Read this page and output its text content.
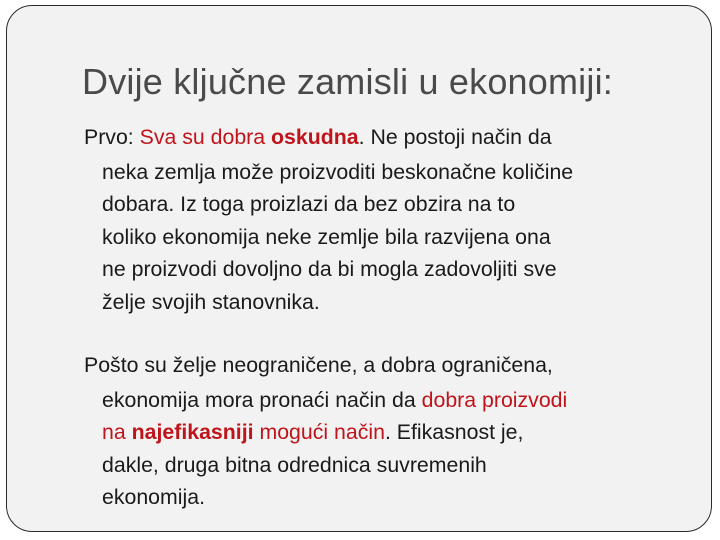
Dvije ključne zamisli u ekonomiji:
Prvo: Sva su dobra oskudna. Ne postoji način da
neka zemlja može proizvoditi beskonačne količine
dobara. Iz toga proizlazi da bez obzira na to
koliko ekonomija neke zemlje bila razvijena ona
ne proizvodi dovoljno da bi mogla zadovoljiti sve
želje svojih stanovnika.
Pošto su želje neograničene, a dobra ograničena,
ekonomija mora pronaći način da dobra proizvodi
na najefikasniji mogući način. Efikasnost je,
dakle, druga bitna odrednica suvremenih
ekonomija.
